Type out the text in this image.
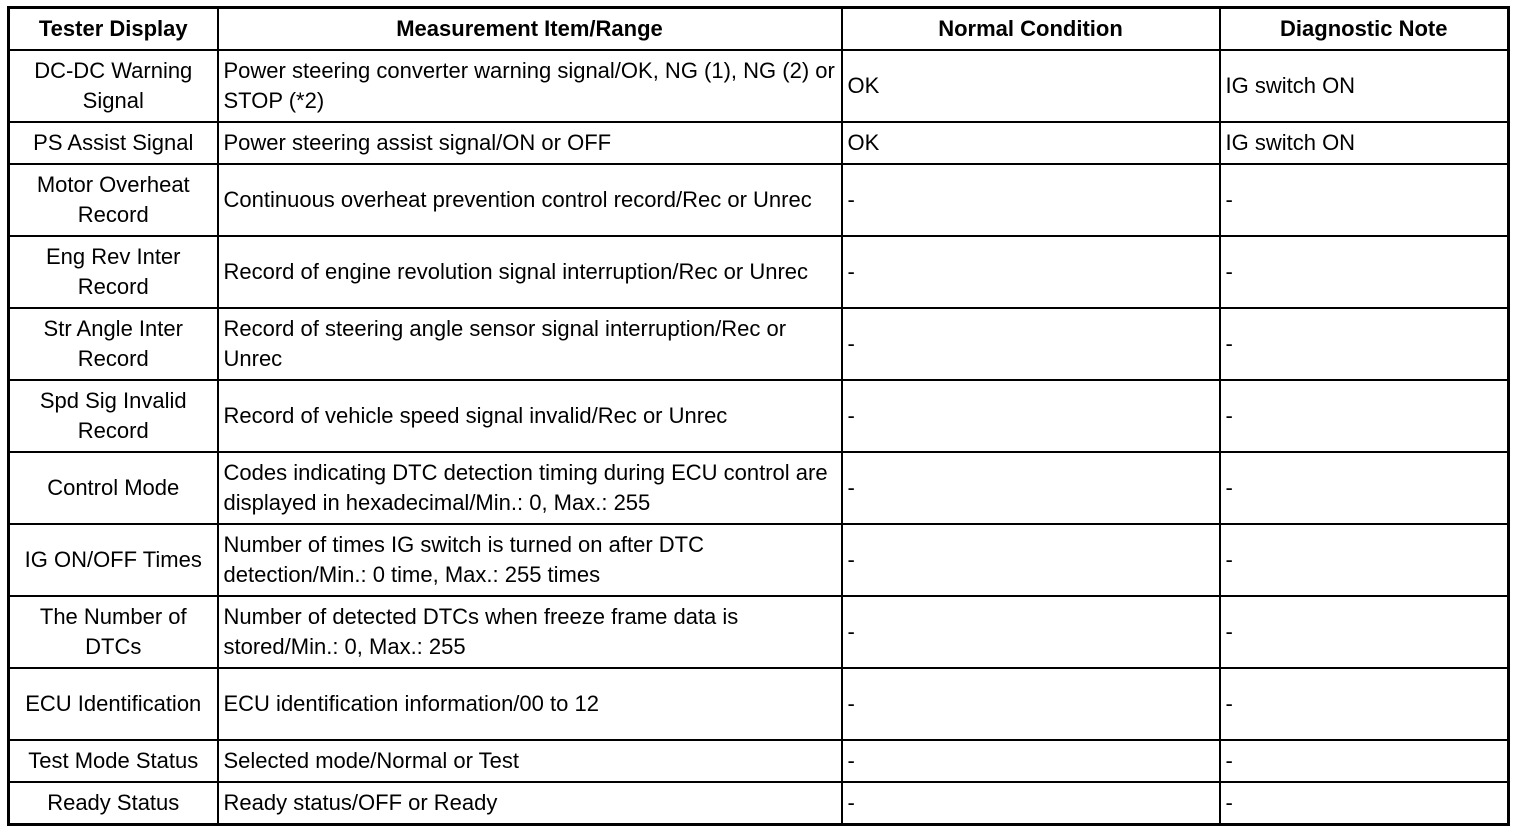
Tester Display	Measurement Item/Range	Normal Condition	Diagnostic Note
DC-DC Warning Signal	Power steering converter warning signal/OK, NG (1), NG (2) or STOP (*2)	OK	IG switch ON
PS Assist Signal	Power steering assist signal/ON or OFF	OK	IG switch ON
Motor Overheat Record	Continuous overheat prevention control record/Rec or Unrec	-	-
Eng Rev Inter Record	Record of engine revolution signal interruption/Rec or Unrec	-	-
Str Angle Inter Record	Record of steering angle sensor signal interruption/Rec or Unrec	-	-
Spd Sig Invalid Record	Record of vehicle speed signal invalid/Rec or Unrec	-	-
Control Mode	Codes indicating DTC detection timing during ECU control are displayed in hexadecimal/Min.: 0, Max.: 255	-	-
IG ON/OFF Times	Number of times IG switch is turned on after DTC detection/Min.: 0 time, Max.: 255 times	-	-
The Number of DTCs	Number of detected DTCs when freeze frame data is stored/Min.: 0, Max.: 255	-	-
ECU Identification	ECU identification information/00 to 12	-	-
Test Mode Status	Selected mode/Normal or Test	-	-
Ready Status	Ready status/OFF or Ready	-	-
